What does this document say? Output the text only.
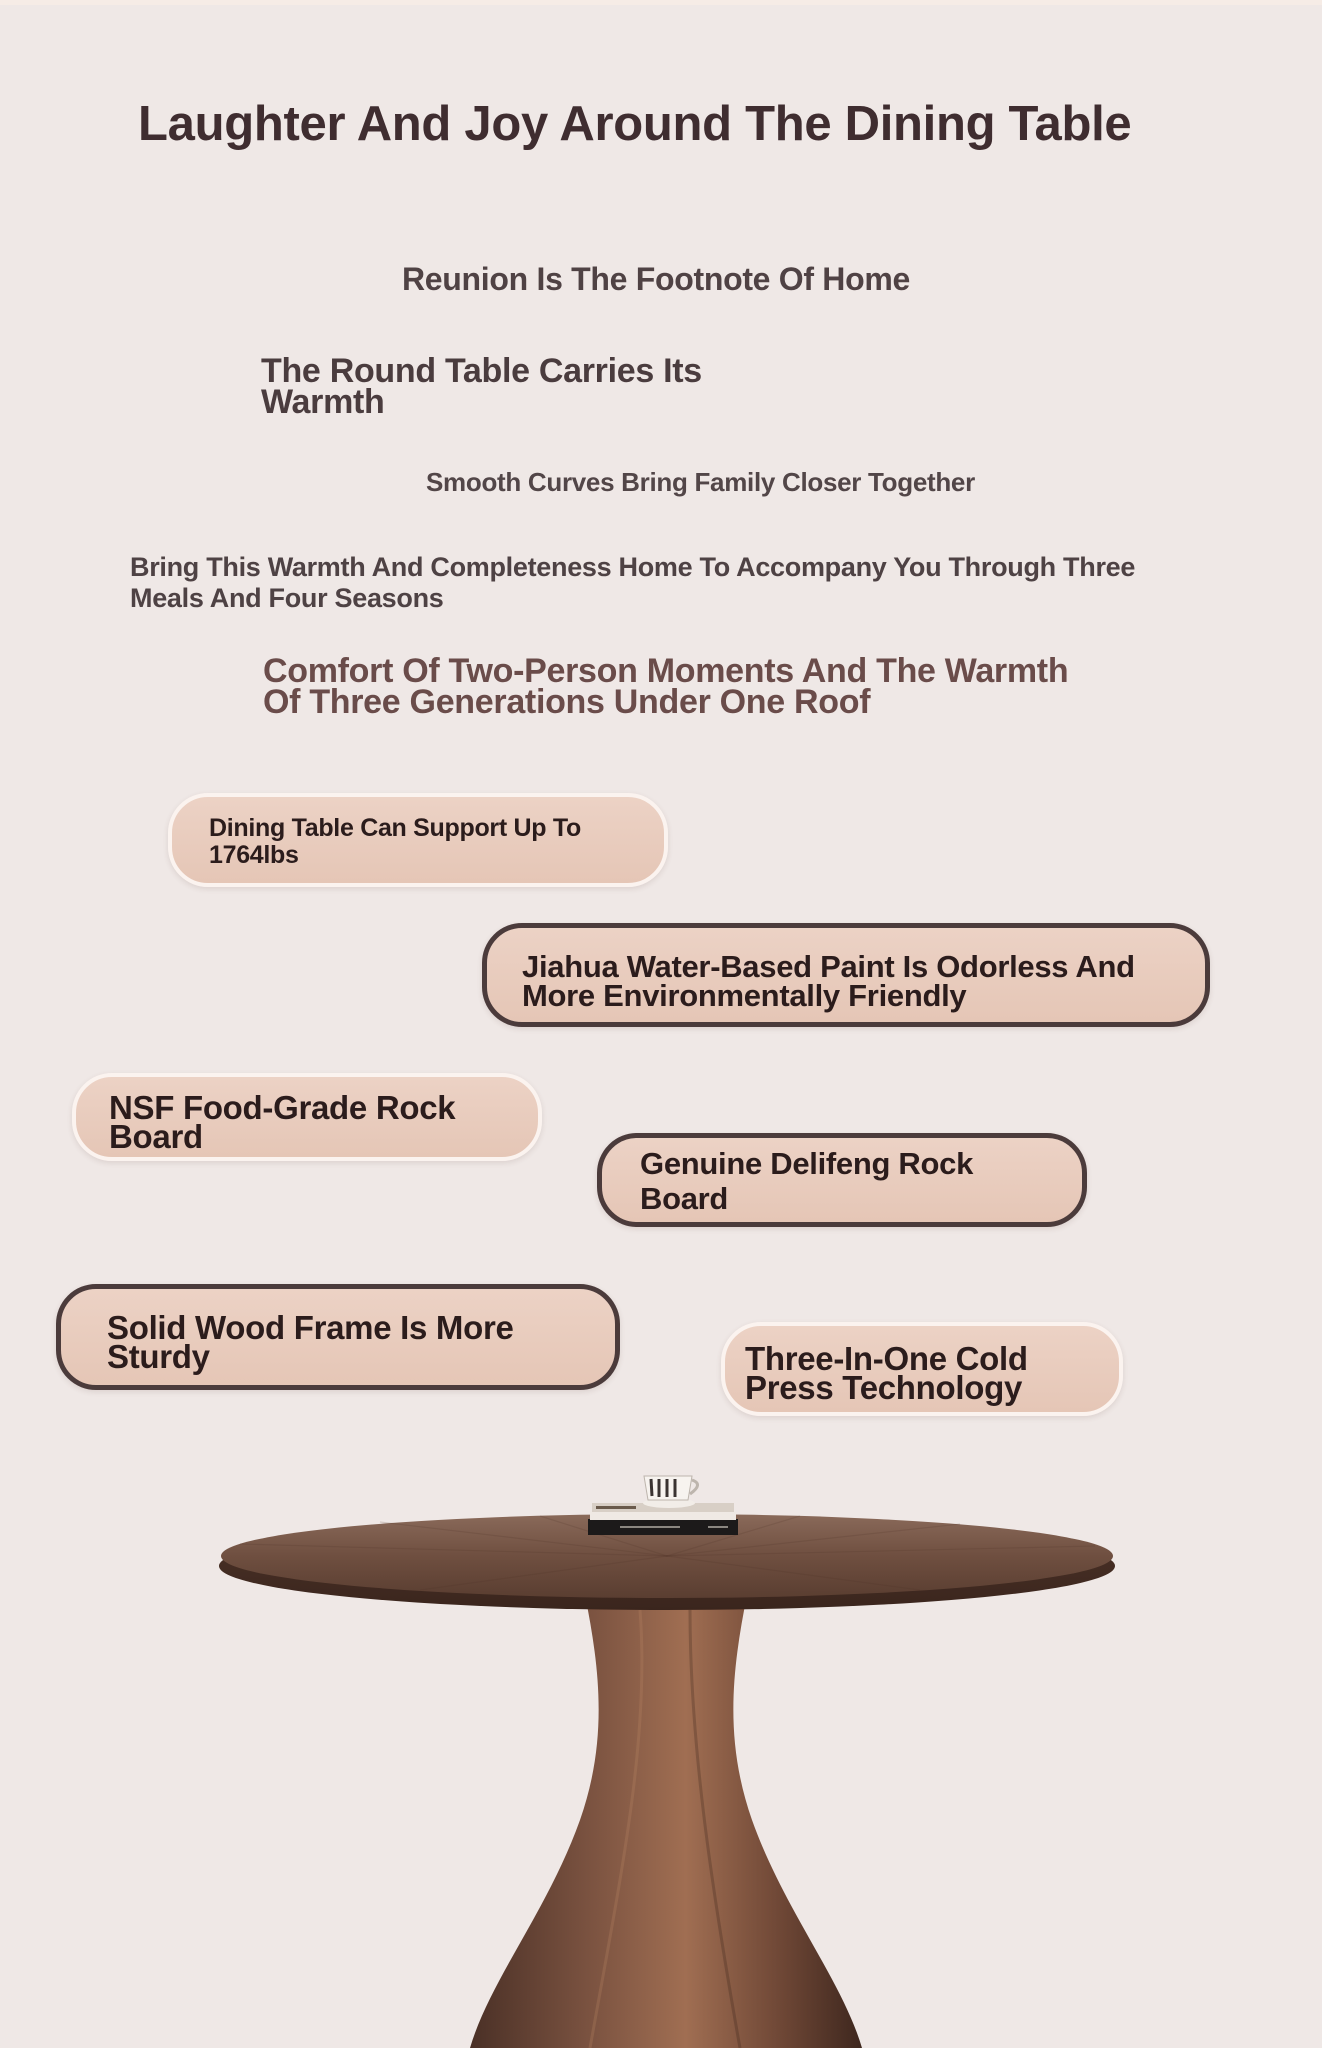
Laughter And Joy Around The Dining Table

Reunion Is The Footnote Of Home

The Round Table Carries Its Warmth

Smooth Curves Bring Family Closer Together

Bring This Warmth And Completeness Home To Accompany You Through Three Meals And Four Seasons

Comfort Of Two-Person Moments And The Warmth Of Three Generations Under One Roof

Dining Table Can Support Up To 1764lbs
Jiahua Water-Based Paint Is Odorless And More Environmentally Friendly
NSF Food-Grade Rock Board
Genuine Delifeng Rock Board
Solid Wood Frame Is More Sturdy	Three-In-One Cold Press Technology
